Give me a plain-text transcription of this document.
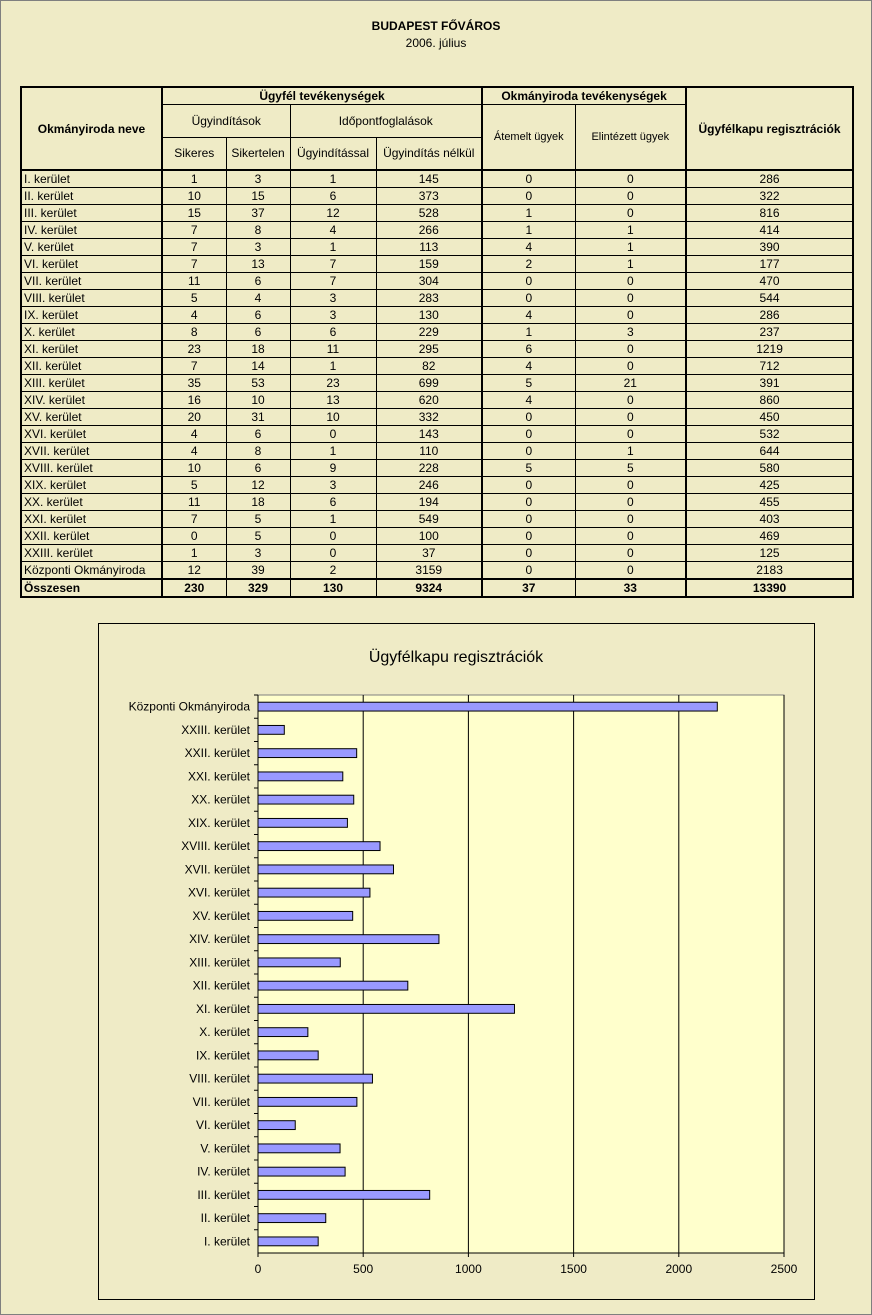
BUDAPEST FŐVÁROS
2006. július
Okmányiroda neve	Ügyfél tevékenységek				Okmányiroda tevékenységek		Ügyfélkapu regisztrációk
	Ügyindítások		Időpontfoglalások		Átemelt ügyek	Elintézett ügyek	
	Sikeres	Sikertelen	Ügyindítással	Ügyindítás nélkül			
I. kerület	1	3	1	145	0	0	286
II. kerület	10	15	6	373	0	0	322
III. kerület	15	37	12	528	1	0	816
IV. kerület	7	8	4	266	1	1	414
V. kerület	7	3	1	113	4	1	390
VI. kerület	7	13	7	159	2	1	177
VII. kerület	11	6	7	304	0	0	470
VIII. kerület	5	4	3	283	0	0	544
IX. kerület	4	6	3	130	4	0	286
X. kerület	8	6	6	229	1	3	237
XI. kerület	23	18	11	295	6	0	1219
XII. kerület	7	14	1	82	4	0	712
XIII. kerület	35	53	23	699	5	21	391
XIV. kerület	16	10	13	620	4	0	860
XV. kerület	20	31	10	332	0	0	450
XVI. kerület	4	6	0	143	0	0	532
XVII. kerület	4	8	1	110	0	1	644
XVIII. kerület	10	6	9	228	5	5	580
XIX. kerület	5	12	3	246	0	0	425
XX. kerület	11	18	6	194	0	0	455
XXI. kerület	7	5	1	549	0	0	403
XXII. kerület	0	5	0	100	0	0	469
XXIII. kerület	1	3	0	37	0	0	125
Központi Okmányiroda	12	39	2	3159	0	0	2183
Összesen	230	329	130	9324	37	33	13390
Ügyfélkapu regisztrációk
0	500	1000	1500	2000	2500
Központi Okmányiroda
XXIII. kerület
XXII. kerület
XXI. kerület
XX. kerület
XIX. kerület
XVIII. kerület
XVII. kerület
XVI. kerület
XV. kerület
XIV. kerület
XIII. kerület
XII. kerület
XI. kerület
X. kerület
IX. kerület
VIII. kerület
VII. kerület
VI. kerület
V. kerület
IV. kerület
III. kerület
II. kerület
I. kerület
